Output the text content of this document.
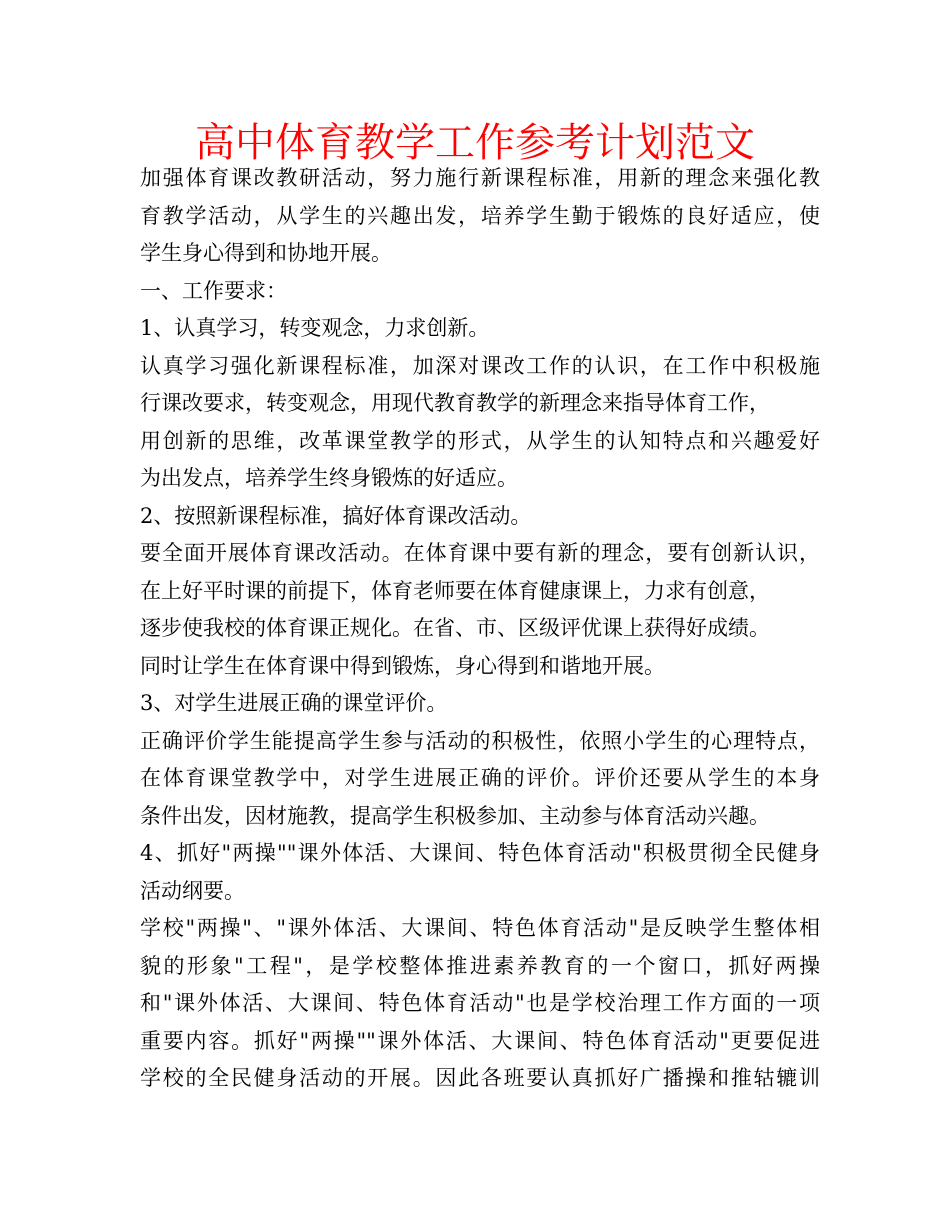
高中体育教学工作参考计划范文
加强体育课改教研活动，努力施行新课程标准，用新的理念来强化教
育教学活动，从学生的兴趣出发，培养学生勤于锻炼的良好适应，使
学生身心得到和协地开展。
一、工作要求：
1、认真学习，转变观念，力求创新。
认真学习强化新课程标准，加深对课改工作的认识，在工作中积极施
行课改要求，转变观念，用现代教育教学的新理念来指导体育工作，
用创新的思维，改革课堂教学的形式，从学生的认知特点和兴趣爱好
为出发点，培养学生终身锻炼的好适应。
2、按照新课程标准，搞好体育课改活动。
要全面开展体育课改活动。在体育课中要有新的理念，要有创新认识，
在上好平时课的前提下，体育老师要在体育健康课上，力求有创意，
逐步使我校的体育课正规化。在省、市、区级评优课上获得好成绩。
同时让学生在体育课中得到锻炼，身心得到和谐地开展。
3、对学生进展正确的课堂评价。
正确评价学生能提高学生参与活动的积极性，依照小学生的心理特点，
在体育课堂教学中，对学生进展正确的评价。评价还要从学生的本身
条件出发，因材施教，提高学生积极参加、主动参与体育活动兴趣。
4、抓好"两操""课外体活、大课间、特色体育活动"积极贯彻全民健身
活动纲要。
学校"两操"、"课外体活、大课间、特色体育活动"是反映学生整体相
貌的形象"工程"，是学校整体推进素养教育的一个窗口，抓好两操
和"课外体活、大课间、特色体育活动"也是学校治理工作方面的一项
重要内容。抓好"两操""课外体活、大课间、特色体育活动"更要促进
学校的全民健身活动的开展。因此各班要认真抓好广播操和推轱辘训
